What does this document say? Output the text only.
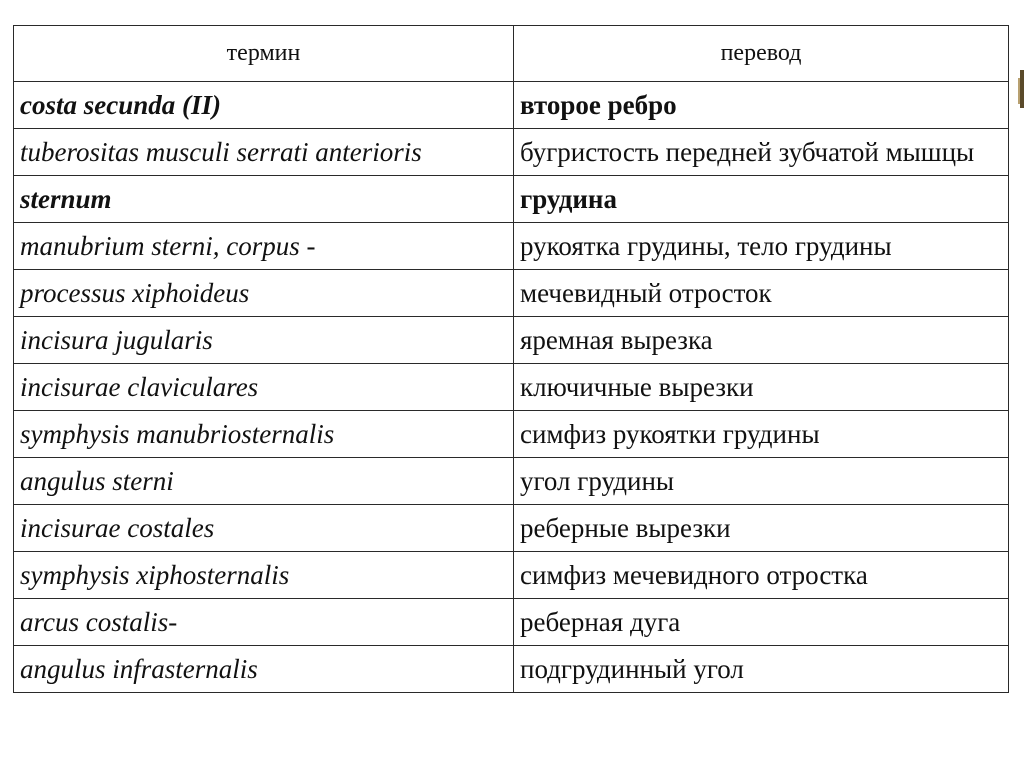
термин	перевод
costa secunda (II)	второе ребро
tuberositas musculi serrati anterioris	бугристость передней зубчатой мышцы
sternum	грудина
manubrium sterni, corpus -	рукоятка грудины, тело грудины
processus xiphoideus	мечевидный отросток
incisura jugularis	яремная вырезка
incisurae claviculares	ключичные вырезки
symphysis manubriosternalis	симфиз рукоятки грудины
angulus sterni	угол грудины
incisurae costales	реберные вырезки
symphysis xiphosternalis	симфиз мечевидного отростка
arcus costalis-	реберная дуга
angulus infrasternalis	подгрудинный угол
